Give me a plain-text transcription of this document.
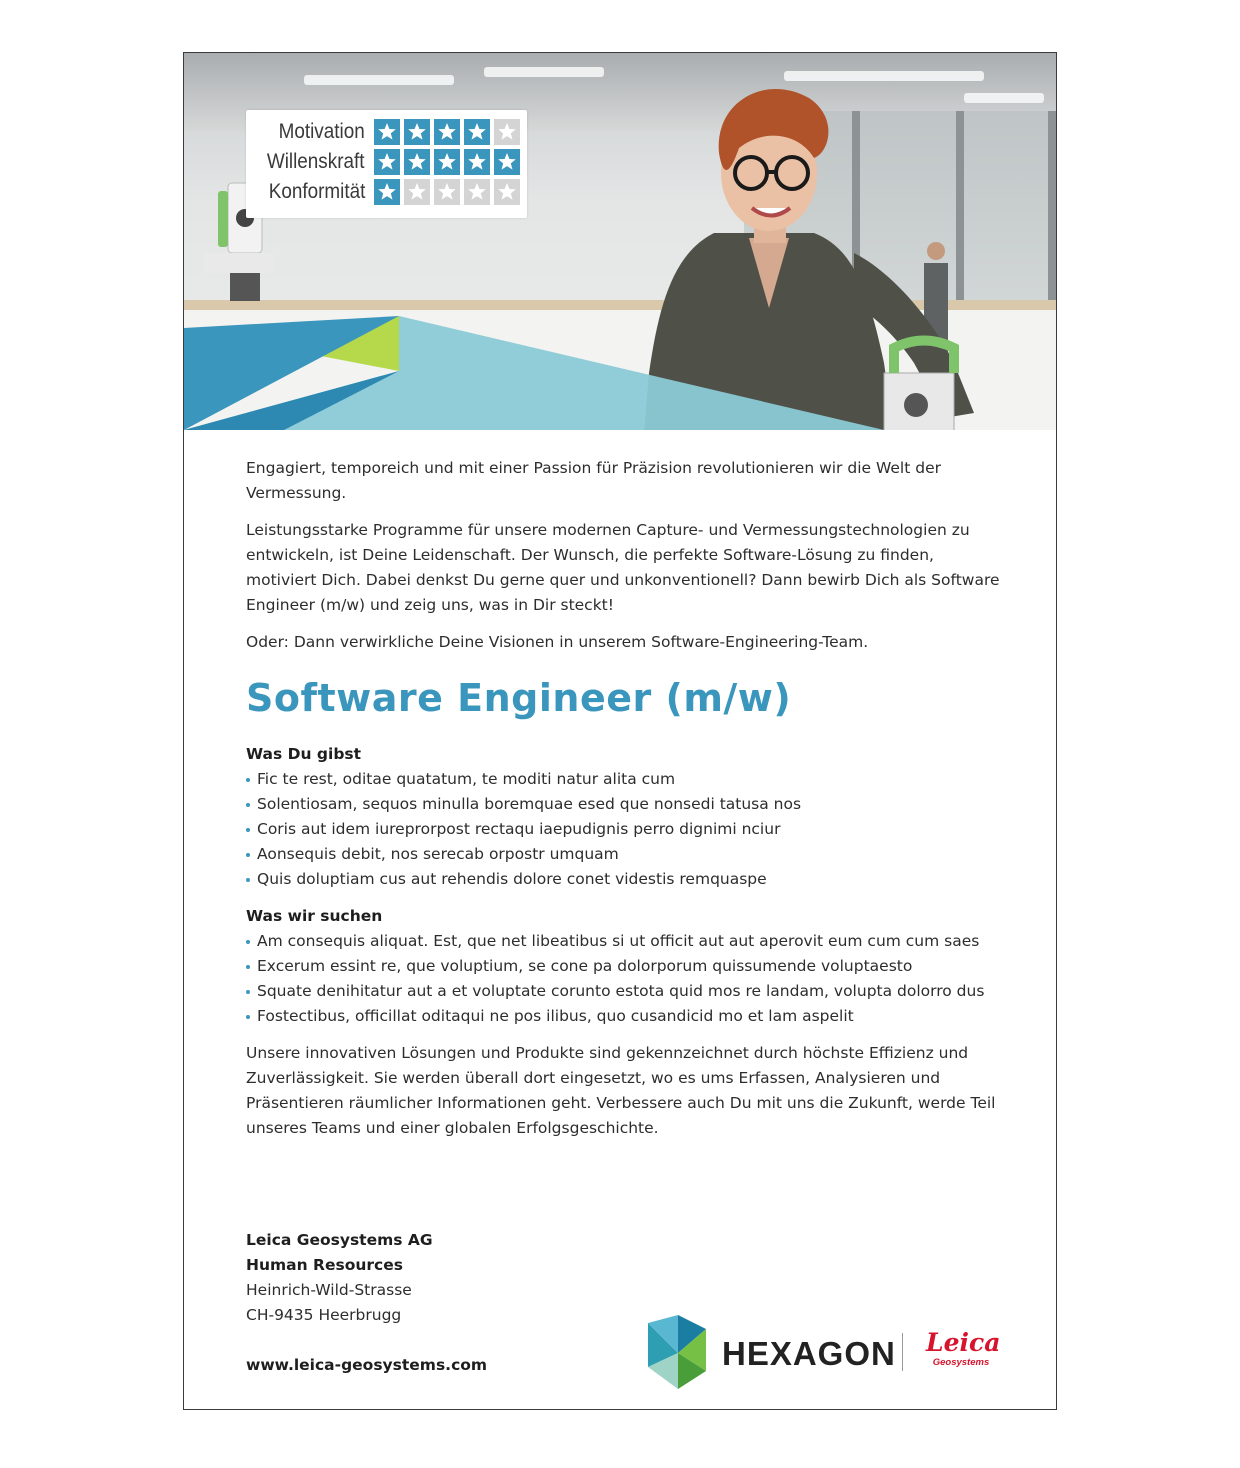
Motivation
Willenskraft
Konformität

Engagiert, temporeich und mit einer Passion für Präzision revolutionieren wir die Welt der Vermessung.

Leistungsstarke Programme für unsere modernen Capture- und Vermessungstechnologien zu entwickeln, ist Deine Leidenschaft. Der Wunsch, die perfekte Software-Lösung zu finden, motiviert Dich. Dabei denkst Du gerne quer und unkonventionell? Dann bewirb Dich als Software Engineer (m/w) und zeig uns, was in Dir steckt!

Oder: Dann verwirkliche Deine Visionen in unserem Software-Engineering-Team.

Software Engineer (m/w)
Was Du gibst
Fic te rest, oditae quatatum, te moditi natur alita cum
Solentiosam, sequos minulla boremquae esed que nonsedi tatusa nos
Coris aut idem iureprorpost rectaqu iaepudignis perro dignimi nciur
Aonsequis debit, nos serecab orpostr umquam
Quis doluptiam cus aut rehendis dolore conet videstis remquaspe
Was wir suchen
Am consequis aliquat. Est, que net libeatibus si ut officit aut aut aperovit eum cum cum saes
Excerum essint re, que voluptium, se cone pa dolorporum quissumende voluptaesto
Squate denihitatur aut a et voluptate corunto estota quid mos re landam, volupta dolorro dus
Fostectibus, officillat oditaqui ne pos ilibus, quo cusandicid mo et lam aspelit

Unsere innovativen Lösungen und Produkte sind gekennzeichnet durch höchste Effizienz und Zuverlässigkeit. Sie werden überall dort eingesetzt, wo es ums Erfassen, Analysieren und Präsentieren räumlicher Informationen geht. Verbessere auch Du mit uns die Zukunft, werde Teil unseres Teams und einer globalen Erfolgsgeschichte.

Leica Geosystems AG
Human Resources
Heinrich-Wild-Strasse
CH-9435 Heerbrugg
www.leica-geosystems.com	HEXAGON Leica
Geosystems
